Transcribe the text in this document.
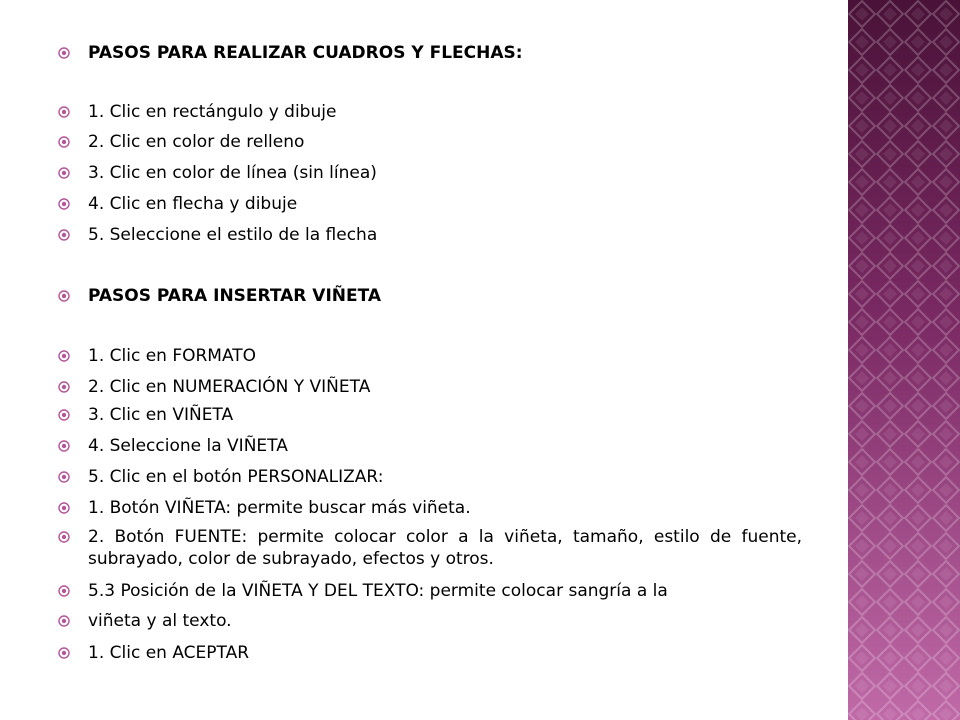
PASOS PARA REALIZAR CUADROS Y FLECHAS:
1. Clic en rectángulo y dibuje
2. Clic en color de relleno
3. Clic en color de línea (sin línea)
4. Clic en flecha y dibuje
5. Seleccione el estilo de la flecha
PASOS PARA INSERTAR VIÑETA
1. Clic en FORMATO
2. Clic en NUMERACIÓN Y VIÑETA
3. Clic en VIÑETA
4. Seleccione la VIÑETA
5. Clic en el botón PERSONALIZAR:
1. Botón VIÑETA: permite buscar más viñeta.
2. Botón FUENTE: permite colocar color a la viñeta, tamaño, estilo de fuente, subrayado, color de subrayado, efectos y otros.
5.3 Posición de la VIÑETA Y DEL TEXTO: permite colocar sangría a la
viñeta y al texto.
1. Clic en ACEPTAR
